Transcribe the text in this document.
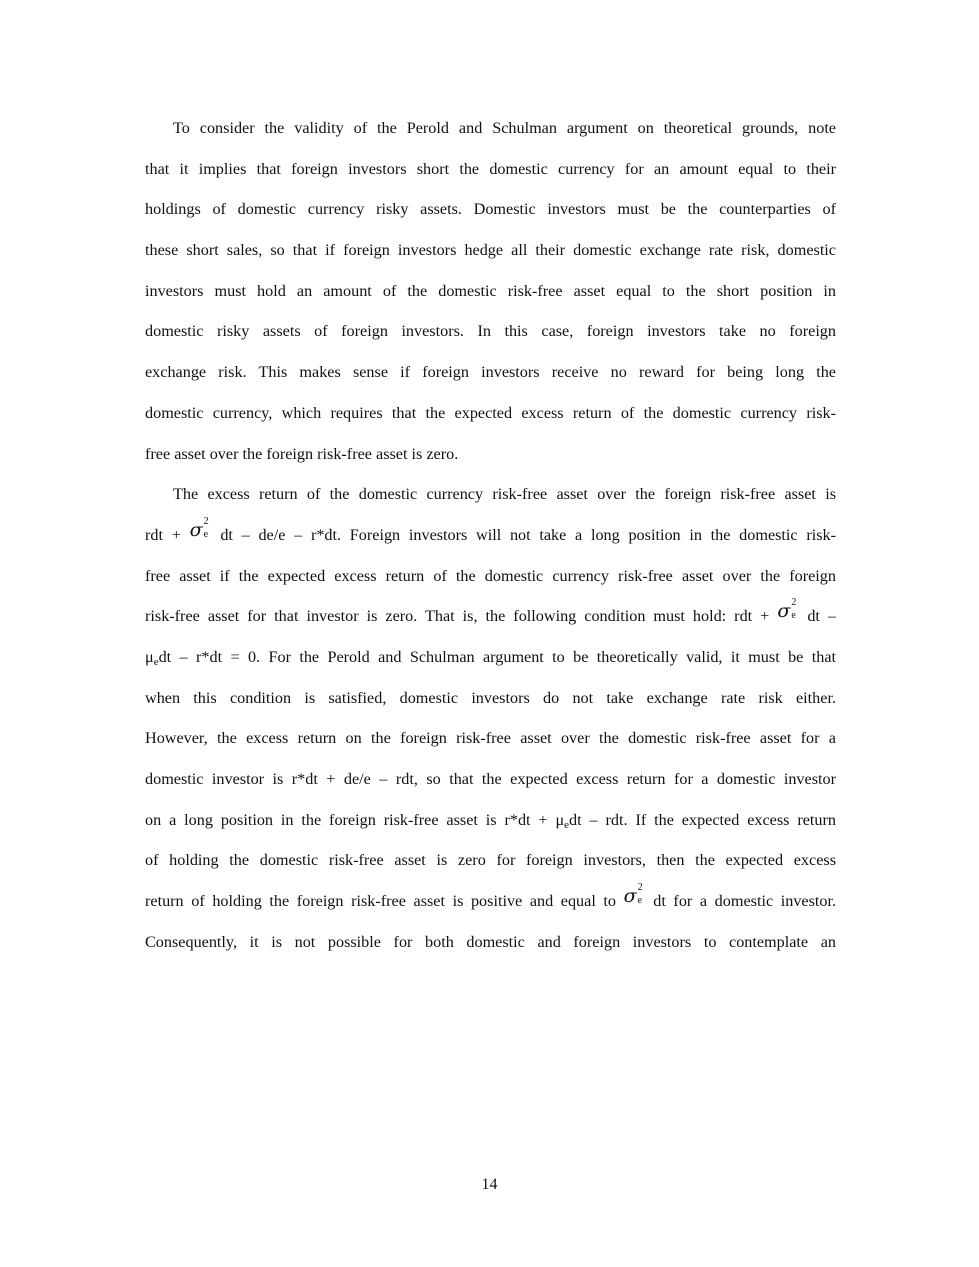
To consider the validity of the Perold and Schulman argument on theoretical grounds, note
that it implies that foreign investors short the domestic currency for an amount equal to their
holdings of domestic currency risky assets. Domestic investors must be the counterparties of
these short sales, so that if foreign investors hedge all their domestic exchange rate risk, domestic
investors must hold an amount of the domestic risk-free asset equal to the short position in
domestic risky assets of foreign investors. In this case, foreign investors take no foreign
exchange risk. This makes sense if foreign investors receive no reward for being long the
domestic currency, which requires that the expected excess return of the domestic currency risk-
free asset over the foreign risk-free asset is zero.
The excess return of the domestic currency risk-free asset over the foreign risk-free asset is
rdt + σ 2
e dt – de/e – r*dt. Foreign investors will not take a long position in the domestic risk-
free asset if the expected excess return of the domestic currency risk-free asset over the foreign
risk-free asset for that investor is zero. That is, the following condition must hold: rdt + σ 2
e dt –
μedt – r*dt = 0. For the Perold and Schulman argument to be theoretically valid, it must be that
when this condition is satisfied, domestic investors do not take exchange rate risk either.
However, the excess return on the foreign risk-free asset over the domestic risk-free asset for a
domestic investor is r*dt + de/e – rdt, so that the expected excess return for a domestic investor
on a long position in the foreign risk-free asset is r*dt + μedt – rdt. If the expected excess return
of holding the domestic risk-free asset is zero for foreign investors, then the expected excess
return of holding the foreign risk-free asset is positive and equal to σ 2
e dt for a domestic investor.
Consequently, it is not possible for both domestic and foreign investors to contemplate an
14
